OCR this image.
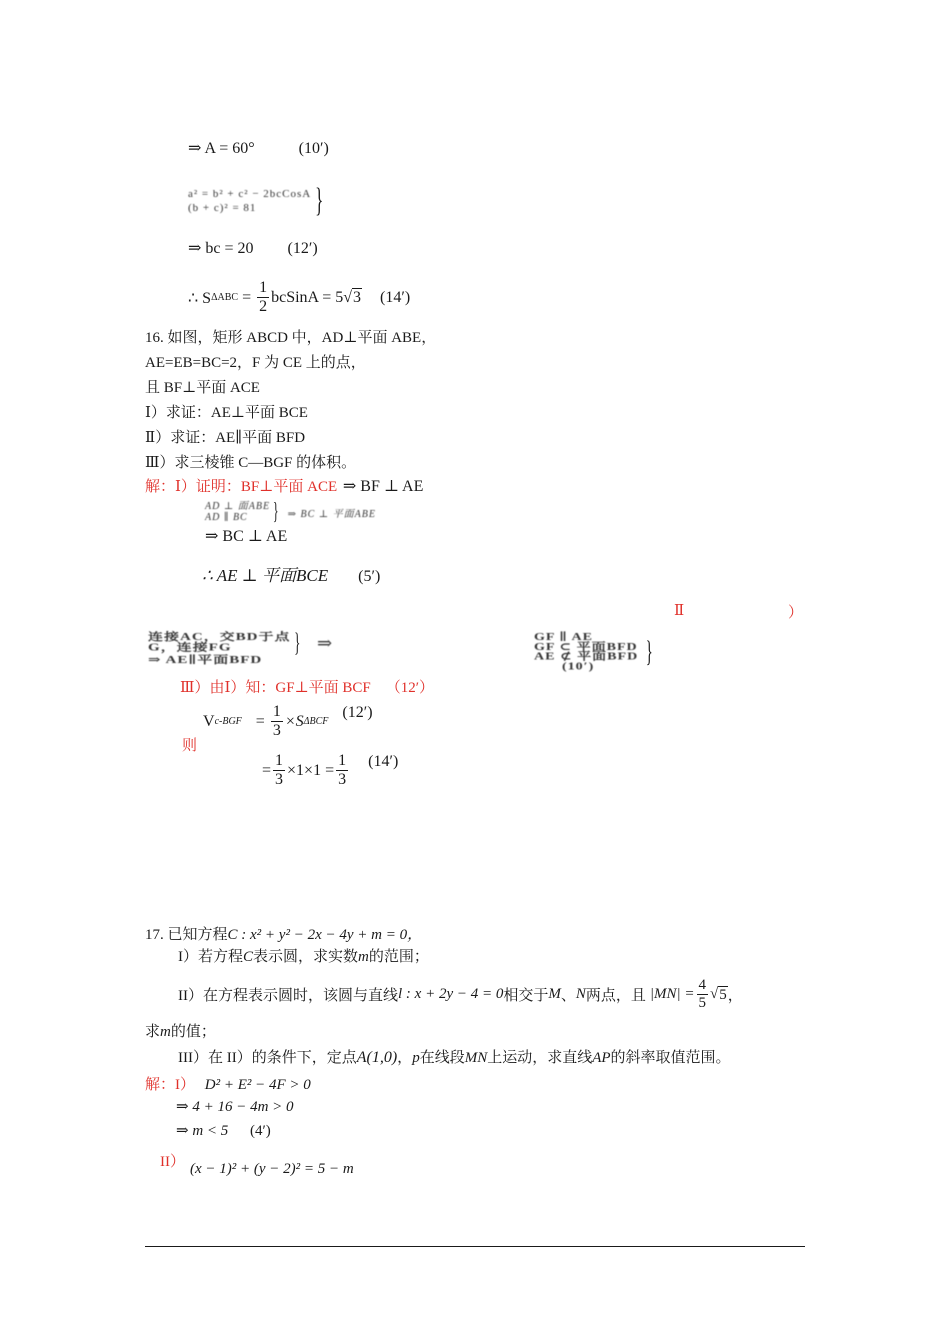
⇒ A = 60°	(10′)
a² = b² + c² − 2bcCosA
(b + c)² = 81	}
⇒ bc = 20 (12′)
∴ S $\Delta ABC = \frac{1}{2}$ bcSinA = 5 √ 3 (14′)
16. 如图，矩形 ABCD 中，AD⊥平面 ABE，
AE=EB=BC=2，F 为 CE 上的点，
且 BF⊥平面 ACE
Ⅰ）求证：AE⊥平面 BCE
Ⅱ）求证：AE∥平面 BFD
Ⅲ）求三棱锥 C—BGF 的体积。
解：Ⅰ）证明：BF⊥平面 ACE ⇒ BF ⊥ AE
AD ⊥ 面ABE
AD ∥ BC	} ⇒ BC ⊥ 平面ABE
⇒ BC ⊥ AE
∴ AE ⊥ 平面BCE (5′)
Ⅱ	）
连接AC，交BD于点
G，连接FG	} ⇒
⇒ AE∥平面BFD
GF ∥ AE
GF ⊂ 平面BFD
AE ⊄ 平面BFD
(10′)	}
Ⅲ）由Ⅰ）知：GF⊥平面 BCF    （12′）
V $c-BGF = \frac{1}{3} \times S$ ΔBCF
(12′)
则
= $\frac{1}{3} \times 1\times 1 = \frac{1}{3} (14')$
17. 已知方程C : x² + y² − 2x − 4y + m = 0，
I）若方程C表示圆，求实数m的范围；
II）在方程表示圆时，该圆与直线 l : x + 2y − 4 = 0 相交于 M 、 N 两点，且 $|MN| = \frac{4}{5}$ √ 5 ，
求m的值；
III）在 II）的条件下，定点A(1,0)，p在线段MN上运动，求直线AP的斜率取值范围。
解：I） D² + E² − 4F > 0
⇒ 4 + 16 − 4m > 0
⇒ m < 5 (4′)
II） (x − 1)² + (y − 2)² = 5 − m
